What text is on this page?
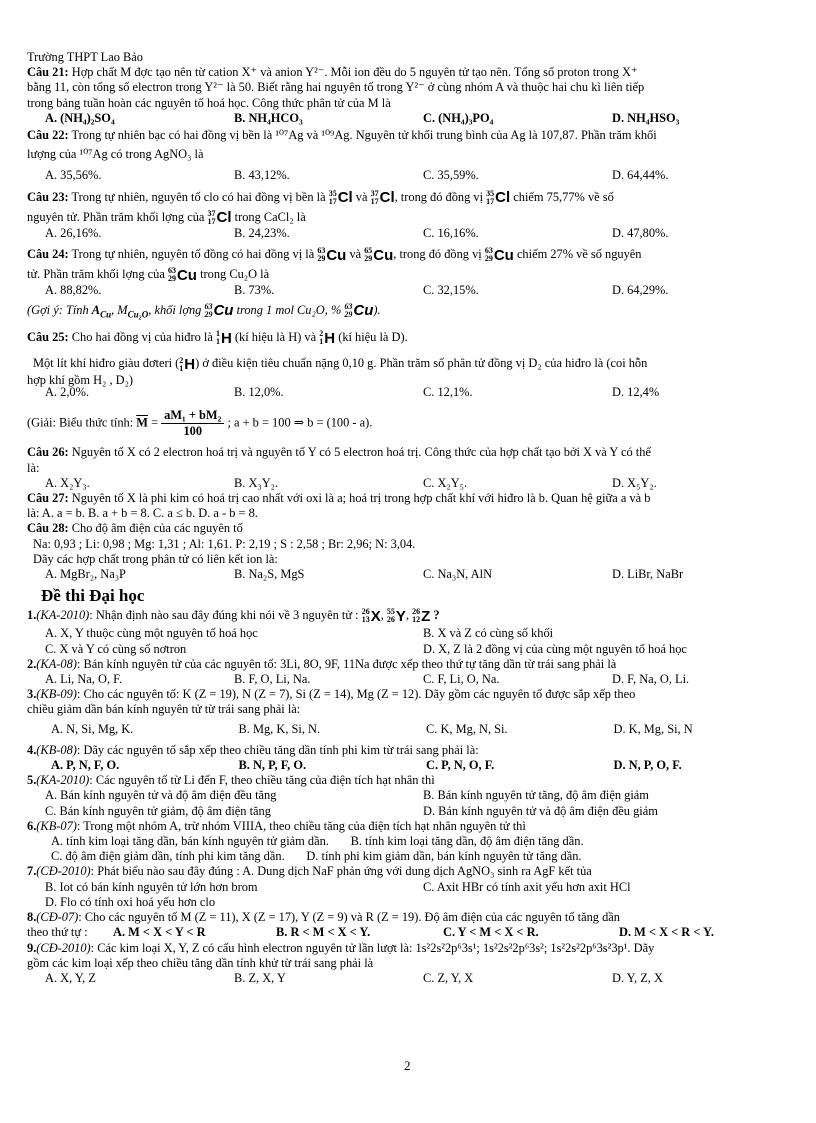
Trường THPT Lao Bảo
Câu 21: Hợp chất M đợc tạo nên từ cation X⁺ và anion Y²⁻. Mỗi ion đều do 5 nguyên tử tạo nên. Tổng số proton trong X⁺
bằng 11, còn tổng số electron trong Y²⁻ là 50. Biết rằng hai nguyên tố trong Y²⁻ ở cùng nhóm A và thuộc hai chu kì liên tiếp
trong bảng tuần hoàn các nguyên tố hoá học. Công thức phân tử của M là
A. (NH₄)₂SO₄	B. NH₄HCO₃	C. (NH₄)₃PO₄	D. NH₄HSO₃
Câu 22: Trong tự nhiên bạc có hai đồng vị bền là ¹⁰⁷Ag và ¹⁰⁹Ag. Nguyên tử khối trung bình của Ag là 107,87. Phần trăm khối
lượng của ¹⁰⁷Ag có trong AgNO₃ là
A. 35,56%.	B. 43,12%.	C. 35,59%.	D. 64,44%.
Câu 23: Trong tự nhiên, nguyên tố clo có hai đồng vị bền là 35
17 Cl và 37
17 Cl , trong đó đồng vị 35
17 Cl chiếm 75,77% về số
nguyên tử. Phần trăm khối lợng của 37
17 Cl trong CaCl₂ là
A. 26,16%.	B. 24,23%.	C. 16,16%.	D. 47,80%.
Câu 24: Trong tự nhiên, nguyên tố đồng có hai đồng vị là 63
29 Cu và 65
29 Cu , trong đó đồng vị 63
29 Cu chiếm 27% về số nguyên
tử. Phần trăm khối lợng của 63
29 Cu trong Cu₂O là
A. 88,82%.	B. 73%.	C. 32,15%.	D. 64,29%.
(Gợi ý: Tính $\overline{A}_{Cu}$, $M_{Cu_2O}$, khối lợng 63
29 Cu trong 1 mol Cu₂O, % 63
29 Cu ).
Câu 25: Cho hai đồng vị của hiđro là 1
1 H (kí hiệu là H) và 2
1 H (kí hiệu là D).
Một lít khí hiđro giàu đơteri ( 2
1 H ) ở điều kiện tiêu chuẩn nặng 0,10 g. Phần trăm số phân tử đồng vị D₂ của hiđro là (coi hỗn
hợp khí gồm H₂ , D₂)
A. 2,0%.	B. 12,0%.	C. 12,1%.	D. 12,4%
(Giải: Biểu thức tính: $\overline{M} = \frac{\text{aM₁ + bM₂}}{100}$ ; a + b = 100 ⇒ b = (100 - a).
Câu 26: Nguyên tố X có 2 electron hoá trị và nguyên tố Y có 5 electron hoá trị. Công thức của hợp chất tạo bởi X và Y có thể
là:
A. X₂Y₃.	B. X₃Y₂.	C. X₂Y₅.	D. X₅Y₂.
Câu 27: Nguyên tố X là phi kim có hoá trị cao nhất với oxi là a; hoá trị trong hợp chất khí với hiđro là b. Quan hệ giữa a và b
là: A. a = b. B. a + b = 8. C. a ≤ b. D. a - b = 8.
Câu 28: Cho độ âm điện của các nguyên tố
Na: 0,93 ; Li: 0,98 ; Mg: 1,31 ; Al: 1,61. P: 2,19 ; S : 2,58 ; Br: 2,96; N: 3,04.
Dãy các hợp chất trong phân tử có liên kết ion là:
A. MgBr₂, Na₃P	B. Na₂S, MgS	C. Na₃N, AlN	D. LiBr, NaBr
Đề thi Đại học
1.(KA-2010): Nhận định nào sau đây đúng khi nói về 3 nguyên tử : 26
13 X , 55
26 Y , 26
12 Z ?
A. X, Y thuộc cùng một nguyên tố hoá học	B. X và Z có cùng số khối
C. X và Y có cùng số nơtron	D. X, Z là 2 đồng vị của cùng một nguyên tố hoá học
2.(KA-08): Bán kính nguyên tử của các nguyên tố: 3Li, 8O, 9F, 11Na được xếp theo thứ tự tăng dần từ trái sang phải là
A. Li, Na, O, F.	B. F, O, Li, Na.	C. F, Li, O, Na.	D. F, Na, O, Li.
3.(KB-09): Cho các nguyên tố: K (Z = 19), N (Z = 7), Si (Z = 14), Mg (Z = 12). Dãy gồm các nguyên tố được sắp xếp theo
chiều giảm dần bán kính nguyên tử từ trái sang phải là:
A. N, Si, Mg, K.	B. Mg, K, Si, N.	C. K, Mg, N, Si.	D. K, Mg, Si, N
4.(KB-08): Dãy các nguyên tố sắp xếp theo chiều tăng dần tính phi kim từ trái sang phải là:
A. P, N, F, O.	B. N, P, F, O.	C. P, N, O, F.	D. N, P, O, F.
5.(KA-2010): Các nguyên tố từ Li đến F, theo chiều tăng của điện tích hạt nhân thì
A. Bán kính nguyên tử và độ âm điện đều tăng	B. Bán kính nguyên tử tăng, độ âm điện giảm
C. Bán kính nguyên tử giảm, độ âm điện tăng	D. Bán kính nguyên tử và độ âm điện đều giảm
6.(KB-07): Trong một nhóm A, trừ nhóm VIIIA, theo chiều tăng của điện tích hạt nhân nguyên tử thì
A. tính kim loại tăng dần, bán kính nguyên tử giảm dần. B. tính kim loại tăng dần, độ âm điện tăng dần.
C. độ âm điện giảm dần, tính phi kim tăng dần. D. tính phi kim giảm dần, bán kính nguyên tử tăng dần.
7.(CĐ-2010): Phát biểu nào sau đây đúng : A. Dung dịch NaF phản ứng với dung dịch AgNO₃ sinh ra AgF kết tủa
B. Iot có bán kính nguyên tử lớn hơn brom	C. Axit HBr có tính axit yếu hơn axit HCl
D. Flo có tính oxi hoá yếu hơn clo
8.(CĐ-07): Cho các nguyên tố M (Z = 11), X (Z = 17), Y (Z = 9) và R (Z = 19). Độ âm điện của các nguyên tố tăng dần
theo thứ tự :	A. M < X < Y < R	B. R < M < X < Y.	C. Y < M < X < R.	D. M < X < R < Y.
9.(CĐ-2010): Các kim loại X, Y, Z có cấu hình electron nguyên tử lần lượt là: 1s²2s²2p⁶3s¹; 1s²2s²2p⁶3s²; 1s²2s²2p⁶3s²3p¹. Dãy
gồm các kim loại xếp theo chiều tăng dần tính khử từ trái sang phải là
A. X, Y, Z	B. Z, X, Y	C. Z, Y, X	D. Y, Z, X
2
